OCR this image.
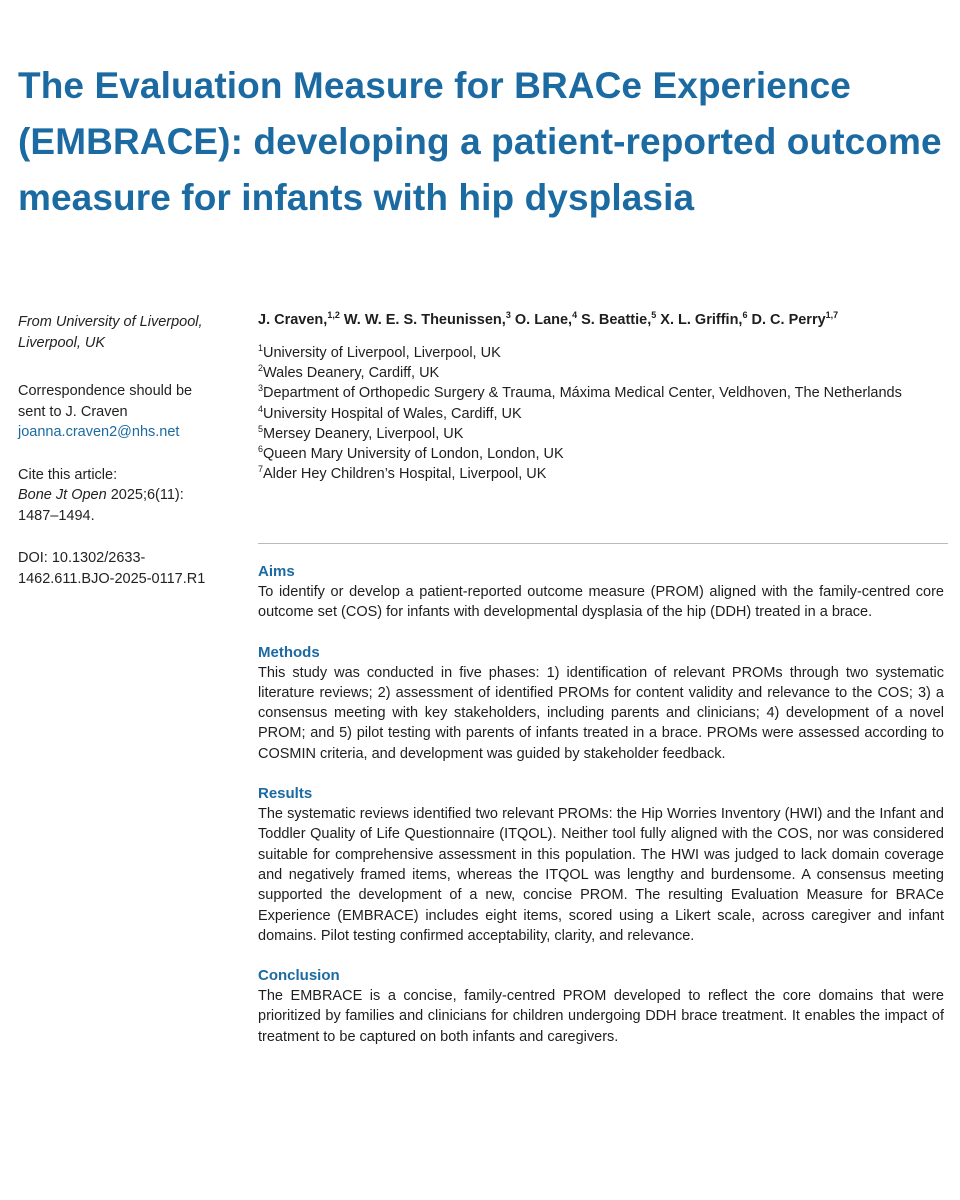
The Evaluation Measure for BRACe Experience (EMBRACE): developing a patient-reported outcome measure for infants with hip dysplasia

From University of Liverpool, Liverpool, UK

Correspondence should be sent to J. Craven joanna.craven2@nhs.net

Cite this article:

Bone Jt Open 2025;6(11): 1487–1494.

DOI: 10.1302/2633-1462.611.BJO-2025-0117.R1

J. Craven,$^{1,2}$ W. W. E. S. Theunissen,$^3$ O. Lane,$^4$ S. Beattie,$^5$ X. L. Griffin,$^6$ D. C. Perry$^{1,7}$
$^1$University of Liverpool, Liverpool, UK
$^2$Wales Deanery, Cardiff, UK
$^3$Department of Orthopedic Surgery & Trauma, Máxima Medical Center, Veldhoven, The Netherlands
$^4$University Hospital of Wales, Cardiff, UK
$^5$Mersey Deanery, Liverpool, UK
$^6$Queen Mary University of London, London, UK
$^7$Alder Hey Children’s Hospital, Liverpool, UK
Aims
To identify or develop a patient-reported outcome measure (PROM) aligned with the family-centred core outcome set (COS) for infants with developmental dysplasia of the hip (DDH) treated in a brace.
Methods
This study was conducted in five phases: 1) identification of relevant PROMs through two systematic literature reviews; 2) assessment of identified PROMs for content validity and relevance to the COS; 3) a consensus meeting with key stakeholders, including parents and clinicians; 4) development of a novel PROM; and 5) pilot testing with parents of infants treated in a brace. PROMs were assessed according to COSMIN criteria, and development was guided by stakeholder feedback.
Results
The systematic reviews identified two relevant PROMs: the Hip Worries Inventory (HWI) and the Infant and Toddler Quality of Life Questionnaire (ITQOL). Neither tool fully aligned with the COS, nor was considered suitable for comprehensive assessment in this population. The HWI was judged to lack domain coverage and negatively framed items, whereas the ITQOL was lengthy and burdensome. A consensus meeting supported the development of a new, concise PROM. The resulting Evaluation Measure for BRACe Experience (EMBRACE) includes eight items, scored using a Likert scale, across caregiver and infant domains. Pilot testing confirmed acceptability, clarity, and relevance.
Conclusion
The EMBRACE is a concise, family-centred PROM developed to reflect the core domains that were prioritized by families and clinicians for children undergoing DDH brace treatment. It enables the impact of treatment to be captured on both infants and caregivers.
